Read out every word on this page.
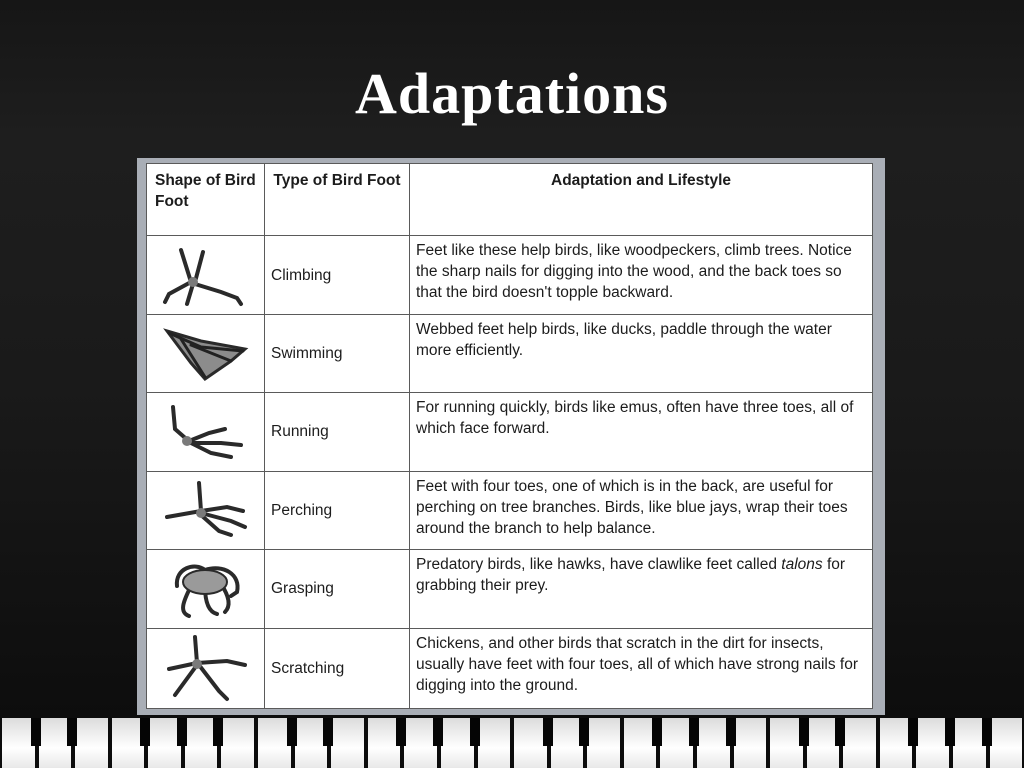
Adaptations
Shape of Bird Foot	Type of Bird Foot	Adaptation and Lifestyle

	Climbing	Feet like these help birds, like woodpeckers, climb trees. Notice the sharp nails for digging into the wood, and the back toes so that the bird doesn't topple backward.

	Swimming	Webbed feet help birds, like ducks, paddle through the water more efficiently.

	Running	For running quickly, birds like emus, often have three toes, all of which face forward.

	Perching	Feet with four toes, one of which is in the back, are useful for perching on tree branches. Birds, like blue jays, wrap their toes around the branch to help balance.

	Grasping	Predatory birds, like hawks, have clawlike feet called talons for grabbing their prey.

	Scratching	Chickens, and other birds that scratch in the dirt for insects, usually have feet with four toes, all of which have strong nails for digging into the ground.
